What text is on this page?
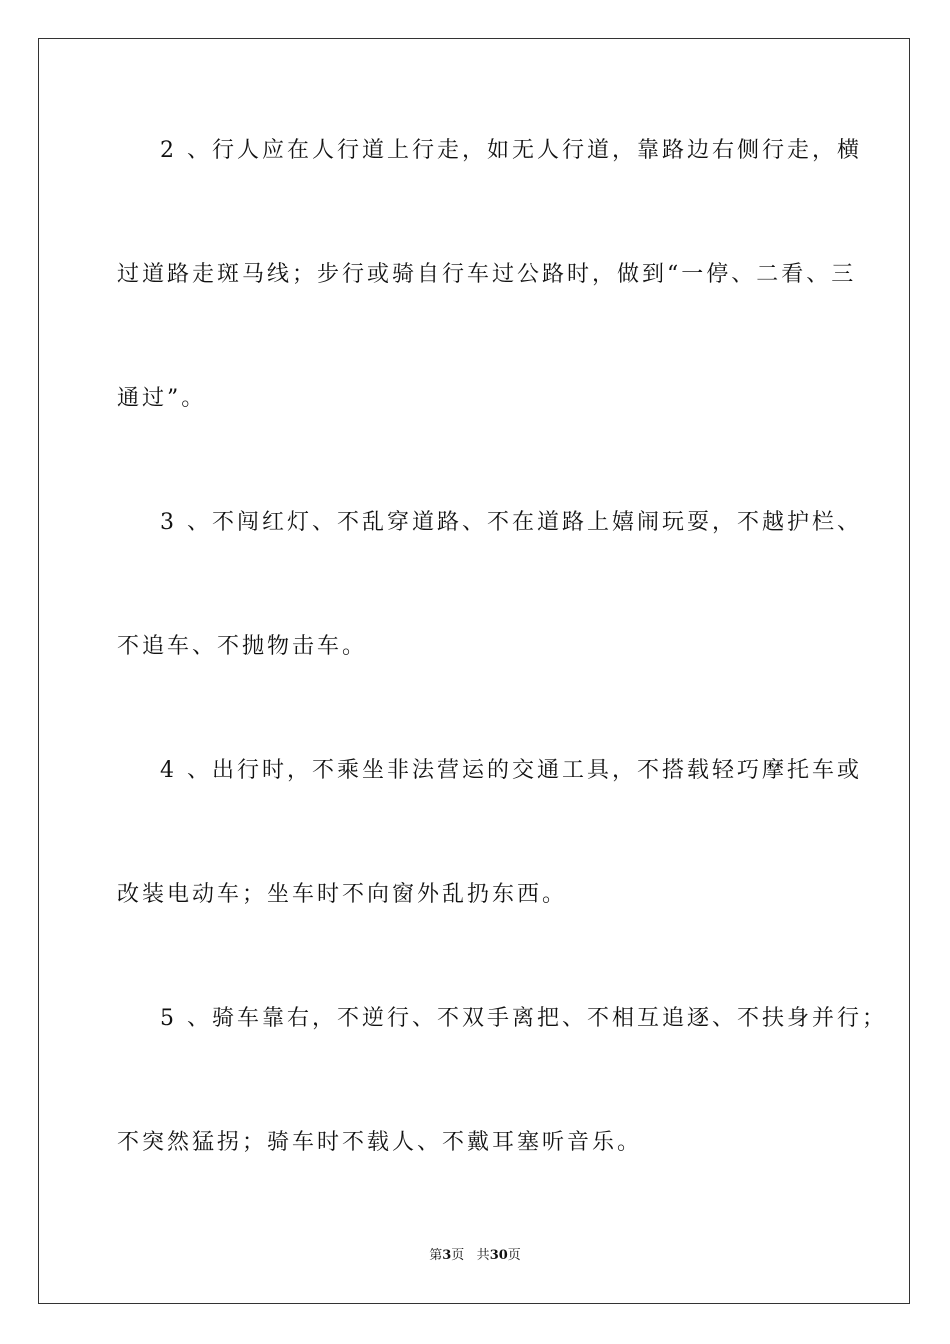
2 、行人应在人行道上行走，如无人行道，靠路边右侧行走，横
过道路走斑马线；步行或骑自行车过公路时，做到“一停、二看、三
通过”。
3 、不闯红灯、不乱穿道路、不在道路上嬉闹玩耍，不越护栏、
不追车、不抛物击车。
4 、出行时，不乘坐非法营运的交通工具，不搭载轻巧摩托车或
改装电动车；坐车时不向窗外乱扔东西。
5 、骑车靠右，不逆行、不双手离把、不相互追逐、不扶身并行；
不突然猛拐；骑车时不载人、不戴耳塞听音乐。
第3页 共30页
